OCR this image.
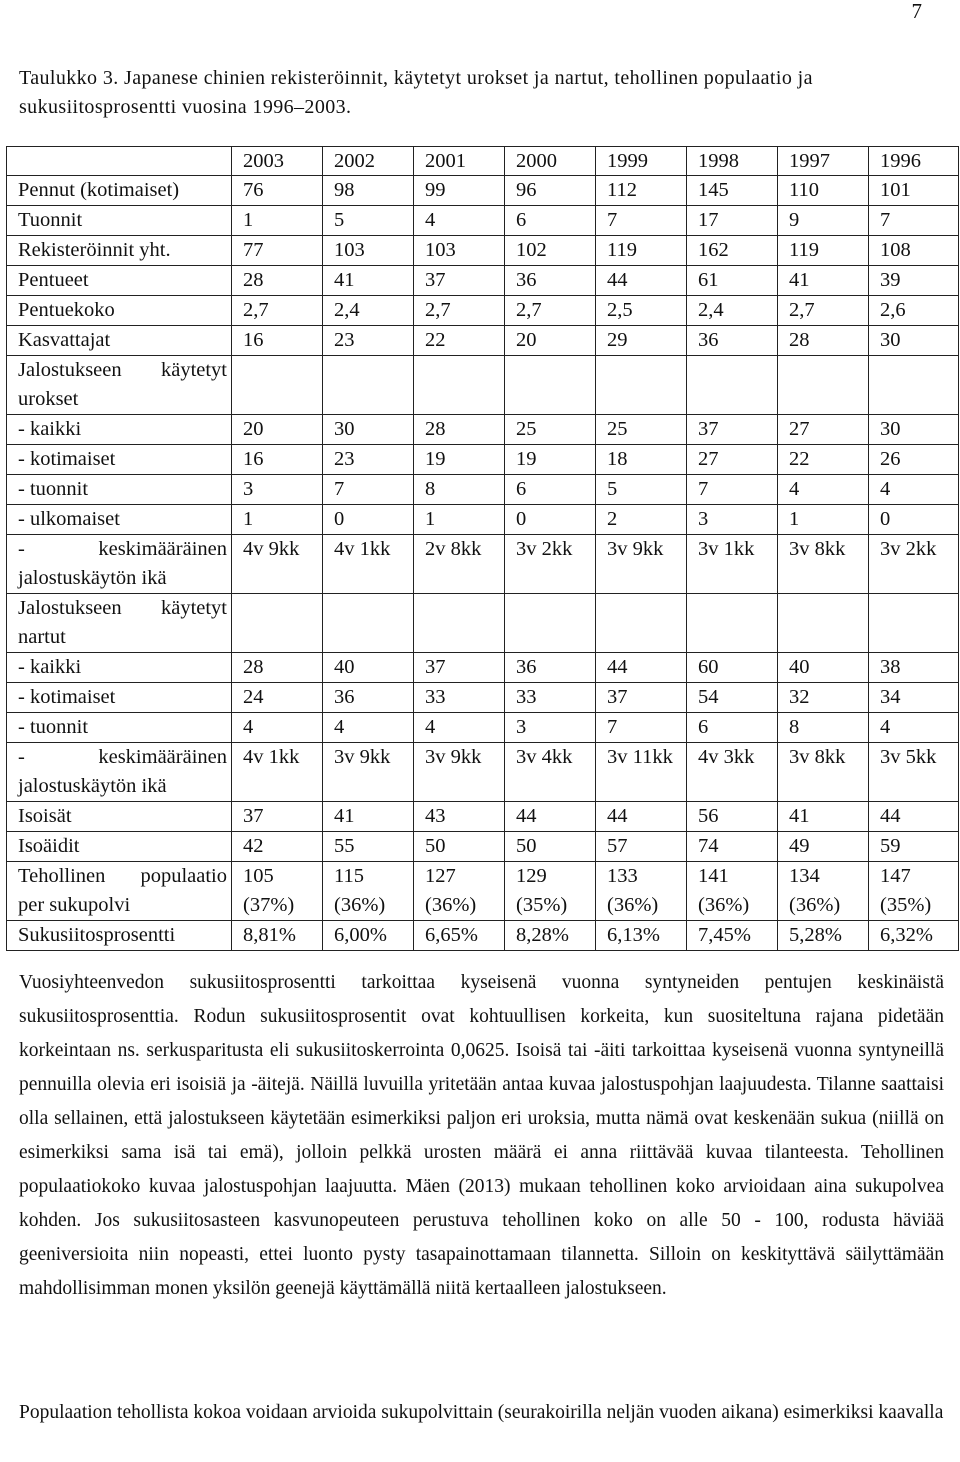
7
Taulukko 3. Japanese chinien rekisteröinnit, käytetyt urokset ja nartut, tehollinen populaatio ja sukusiitosprosentti vuosina 1996–2003.
	2003	2002	2001	2000	1999	1998	1997	1996
Pennut (kotimaiset)	76	98	99	96	112	145	110	101
Tuonnit	1	5	4	6	7	17	9	7
Rekisteröinnit yht.	77	103	103	102	119	162	119	108
Pentueet	28	41	37	36	44	61	41	39
Pentuekoko	2,7	2,4	2,7	2,7	2,5	2,4	2,7	2,6
Kasvattajat	16	23	22	20	29	36	28	30
Jalostukseen käytetyt urokset								
- kaikki	20	30	28	25	25	37	27	30
- kotimaiset	16	23	19	19	18	27	22	26
- tuonnit	3	7	8	6	5	7	4	4
- ulkomaiset	1	0	1	0	2	3	1	0
- keskimääräinen jalostuskäytön ikä	4v 9kk	4v 1kk	2v 8kk	3v 2kk	3v 9kk	3v 1kk	3v 8kk	3v 2kk
Jalostukseen käytetyt nartut								
- kaikki	28	40	37	36	44	60	40	38
- kotimaiset	24	36	33	33	37	54	32	34
- tuonnit	4	4	4	3	7	6	8	4
- keskimääräinen jalostuskäytön ikä	4v 1kk	3v 9kk	3v 9kk	3v 4kk	3v 11kk	4v 3kk	3v 8kk	3v 5kk
Isoisät	37	41	43	44	44	56	41	44
Isoäidit	42	55	50	50	57	74	49	59
Tehollinen populaatio per sukupolvi	105 (37%)	115 (36%)	127 (36%)	129 (35%)	133 (36%)	141 (36%)	134 (36%)	147 (35%)
Sukusiitosprosentti	8,81%	6,00%	6,65%	8,28%	6,13%	7,45%	5,28%	6,32%

Vuosiyhteenvedon sukusiitosprosentti tarkoittaa kyseisenä vuonna syntyneiden pentujen keskinäistä sukusiitosprosenttia. Rodun sukusiitosprosentit ovat kohtuullisen korkeita, kun suositeltuna rajana pidetään korkeintaan ns. serkusparitusta eli sukusiitoskerrointa 0,0625. Isoisä tai -äiti tarkoittaa kyseisenä vuonna syntyneillä pennuilla olevia eri isoisiä ja -äitejä. Näillä luvuilla yritetään antaa kuvaa jalostuspohjan laajuudesta. Tilanne saattaisi olla sellainen, että jalostukseen käytetään esimerkiksi paljon eri uroksia, mutta nämä ovat keskenään sukua (niillä on esimerkiksi sama isä tai emä), jolloin pelkkä urosten määrä ei anna riittävää kuvaa tilanteesta. Tehollinen populaatiokoko kuvaa jalostuspohjan laajuutta. Mäen (2013) mukaan tehollinen koko arvioidaan aina sukupolvea kohden. Jos sukusiitosasteen kasvunopeuteen perustuva tehollinen koko on alle 50 - 100, rodusta häviää geeniversioita niin nopeasti, ettei luonto pysty tasapainottamaan tilannetta. Silloin on keskityttävä säilyttämään mahdollisimman monen yksilön geenejä käyttämällä niitä kertaalleen jalostukseen.

Populaation tehollista kokoa voidaan arvioida sukupolvittain (seurakoirilla neljän vuoden aikana) esimerkiksi kaavalla
